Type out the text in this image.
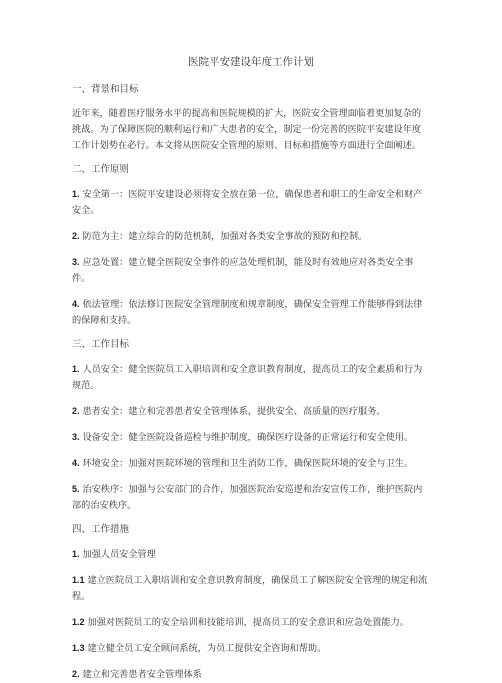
医院平安建设年度工作计划
一、背景和目标

近年来，随着医疗服务水平的提高和医院规模的扩大，医院安全管理面临着更加复杂的挑战。为了保障医院的顺利运行和广大患者的安全，制定一份完善的医院平安建设年度工作计划势在必行。本文将从医院安全管理的原则、目标和措施等方面进行全面阐述。

二、工作原则

1. 安全第一：医院平安建设必须将安全放在第一位，确保患者和职工的生命安全和财产安全。

2. 防范为主：建立综合的防范机制，加强对各类安全事故的预防和控制。

3. 应急处置：建立健全医院安全事件的应急处理机制，能及时有效地应对各类安全事件。

4. 依法管理：依法修订医院安全管理制度和规章制度，确保安全管理工作能够得到法律的保障和支持。

三、工作目标

1. 人员安全：健全医院员工入职培训和安全意识教育制度，提高员工的安全素质和行为规范。

2. 患者安全：建立和完善患者安全管理体系，提供安全、高质量的医疗服务。

3. 设备安全：健全医院设备巡检与维护制度，确保医疗设备的正常运行和安全使用。

4. 环境安全：加强对医院环境的管理和卫生消防工作，确保医院环境的安全与卫生。

5. 治安秩序：加强与公安部门的合作，加强医院治安巡逻和治安宣传工作，维护医院内部的治安秩序。

四、工作措施

1. 加强人员安全管理

1.1 建立医院员工入职培训和安全意识教育制度，确保员工了解医院安全管理的规定和流程。

1.2 加强对医院员工的安全培训和技能培训，提高员工的安全意识和应急处置能力。

1.3 建立健全员工安全顾问系统，为员工提供安全咨询和帮助。

2. 建立和完善患者安全管理体系
